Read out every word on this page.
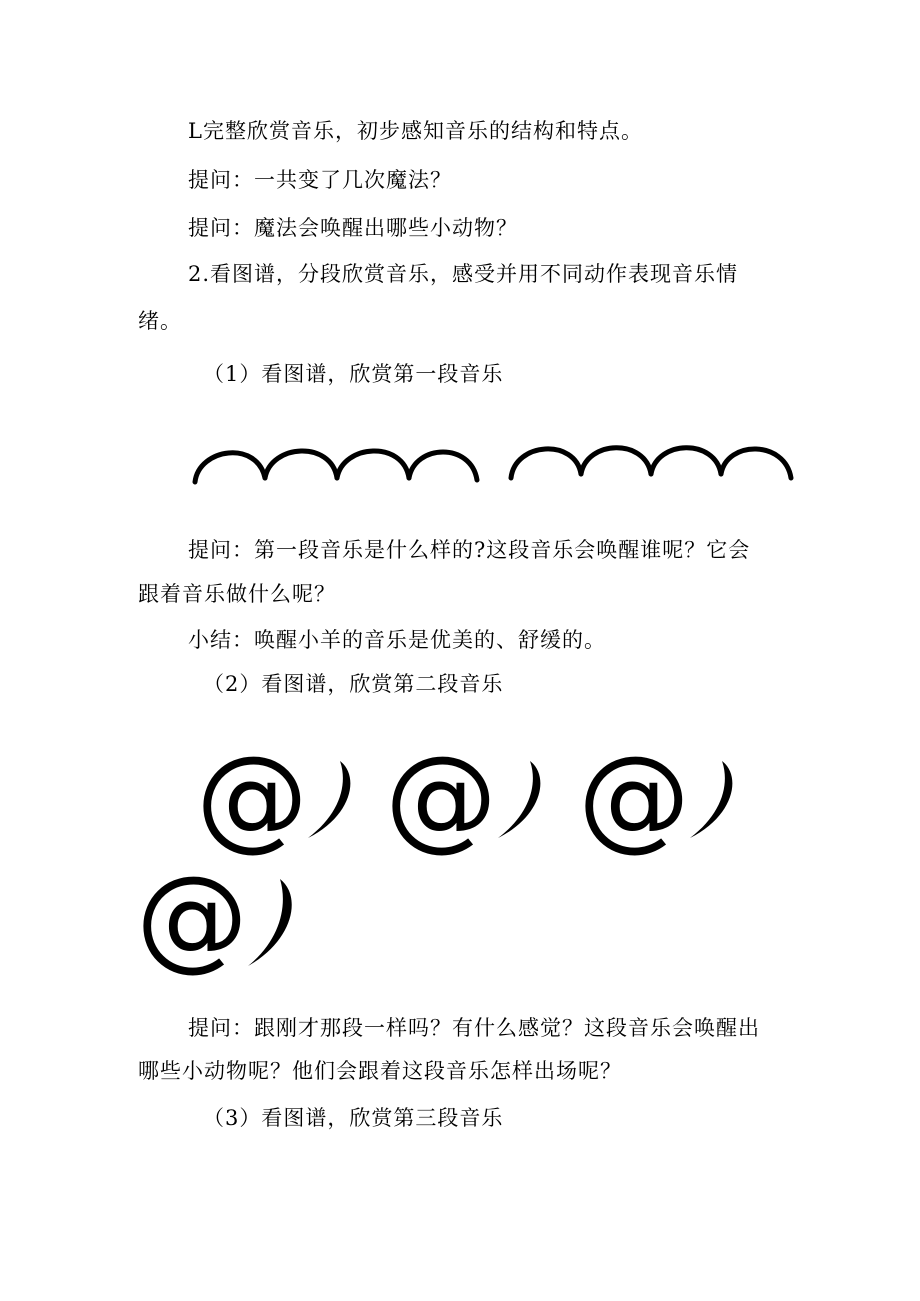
L完整欣赏音乐，初步感知音乐的结构和特点。
提问：一共变了几次魔法？
提问：魔法会唤醒出哪些小动物？
2.看图谱，分段欣赏音乐，感受并用不同动作表现音乐情
绪。
（1）看图谱，欣赏第一段音乐
提问：第一段音乐是什么样的?这段音乐会唤醒谁呢？它会
跟着音乐做什么呢？
小结：唤醒小羊的音乐是优美的、舒缓的。
（2）看图谱，欣赏第二段音乐
@ @ @
@
提问：跟刚才那段一样吗？有什么感觉？这段音乐会唤醒出
哪些小动物呢？他们会跟着这段音乐怎样出场呢？
（3）看图谱，欣赏第三段音乐
